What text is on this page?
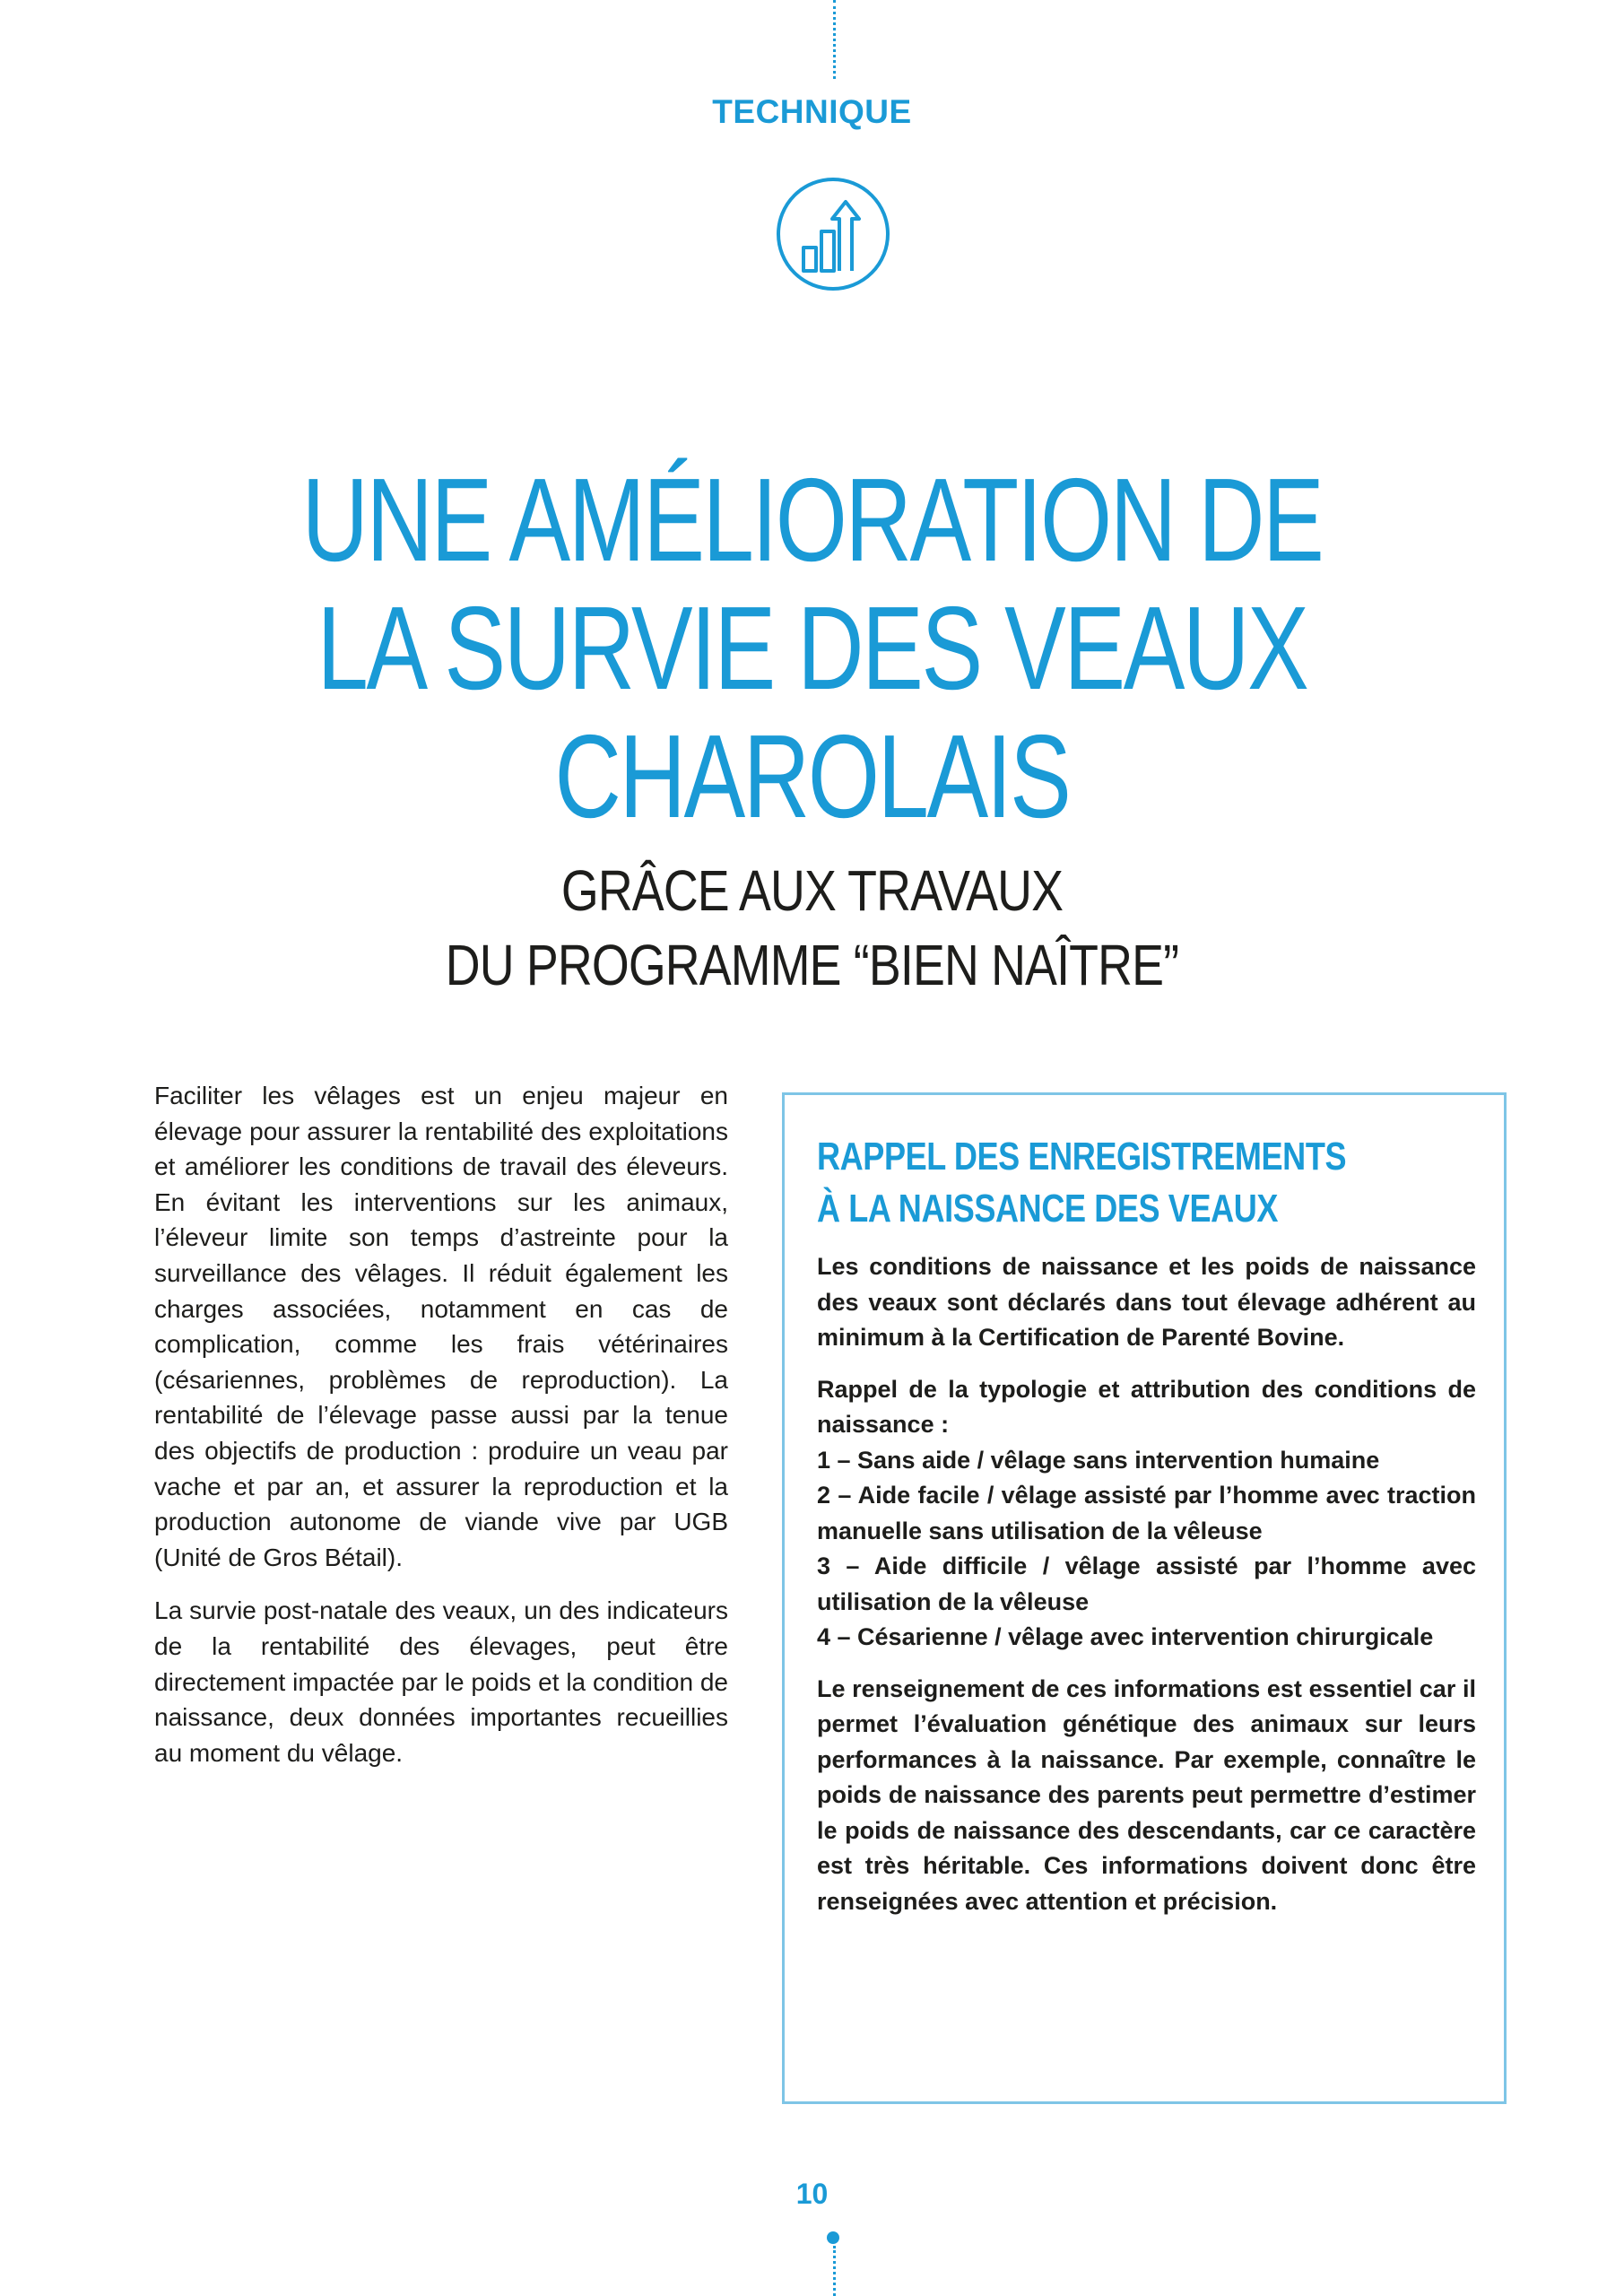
TECHNIQUE
UNE AMÉLIORATION DE
LA SURVIE DES VEAUX
CHAROLAIS
GRÂCE AUX TRAVAUX
DU PROGRAMME “BIEN NAÎTRE”

Faciliter les vêlages est un enjeu majeur en élevage pour assurer la rentabilité des exploitations et améliorer les conditions de travail des éleveurs. En évitant les interventions sur les animaux, l’éleveur limite son temps d’astreinte pour la surveillance des vêlages. Il réduit également les charges associées, notamment en cas de complication, comme les frais vétérinaires (césariennes, problèmes de reproduction). La rentabilité de l’élevage passe aussi par la tenue des objectifs de production : produire un veau par vache et par an, et assurer la reproduction et la production autonome de viande vive par UGB (Unité de Gros Bétail).

La survie post-natale des veaux, un des indicateurs de la rentabilité des élevages, peut être directement impactée par le poids et la condition de naissance, deux données importantes recueillies au moment du vêlage.

RAPPEL DES ENREGISTREMENTS
À LA NAISSANCE DES VEAUX

Les conditions de naissance et les poids de naissance des veaux sont déclarés dans tout élevage adhérent au minimum à la Certification de Parenté Bovine.

Rappel de la typologie et attribution des conditions de naissance :
1 – Sans aide / vêlage sans intervention humaine
2 – Aide facile / vêlage assisté par l’homme avec traction manuelle sans utilisation de la vêleuse
3 – Aide difficile / vêlage assisté par l’homme avec utilisation de la vêleuse
4 – Césarienne / vêlage avec intervention chirurgicale

Le renseignement de ces informations est essentiel car il permet l’évaluation génétique des animaux sur leurs performances à la naissance. Par exemple, connaître le poids de naissance des parents peut permettre d’estimer le poids de naissance des descendants, car ce caractère est très héritable. Ces informations doivent donc être renseignées avec attention et précision.

10
